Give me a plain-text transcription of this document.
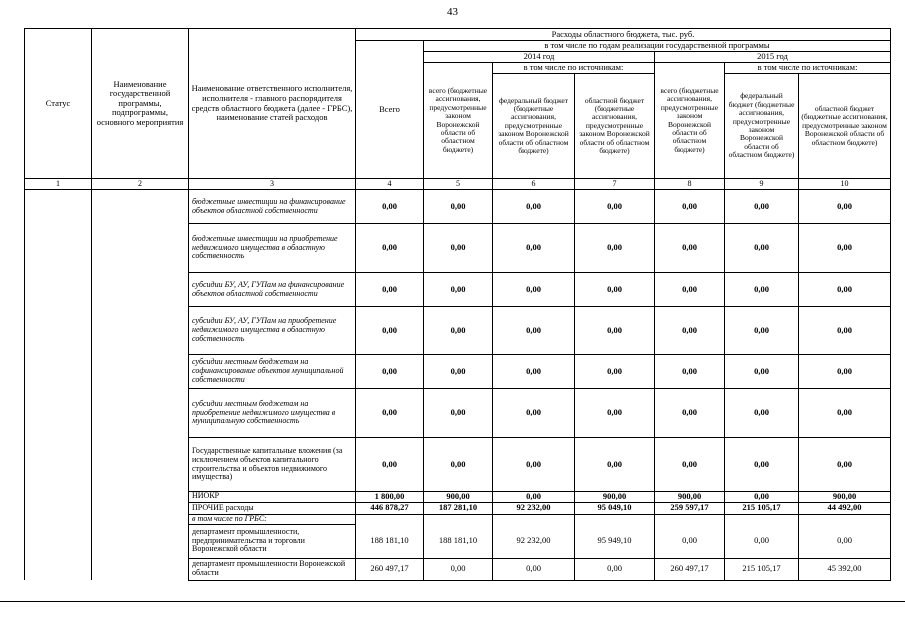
43
Статус	Наименование государственной программы, подпрограммы, основного мероприятия	Наименование ответственного исполнителя, исполнителя - главного распорядителя средств областного бюджета (далее - ГРБС), наименование статей расходов	Расходы областного бюджета, тыс. руб.						
			Всего	в том числе по годам реализации государственной программы					
				2014 год			2015 год		
				всего (бюджетные ассигнования, предусмотренные законом Воронежской области об областном бюджете)	в том числе по источникам:		всего (бюджетные ассигнования, предусмотренные законом Воронежской области об областном бюджете)	в том числе по источникам:	
					федеральный бюджет (бюджетные ассигнования, предусмотренные законом Воронежской области об областном бюджете)	областной бюджет (бюджетные ассигнования, предусмотренные законом Воронежской области об областном бюджете)		федеральный бюджет (бюджетные ассигнования, предусмотренные законом Воронежской области об областном бюджете)	областной бюджет (бюджетные ассигнования, предусмотренные законом Воронежской области об областном бюджете)
1	2	3	4	5	6	7	8	9	10
		бюджетные инвестиции на финансирование объектов областной собственности	0,00	0,00	0,00	0,00	0,00	0,00	0,00
		бюджетные инвестиции на приобретение недвижимого имущества в областную собственность	0,00	0,00	0,00	0,00	0,00	0,00	0,00
		субсидии БУ, АУ, ГУПам на финансирование объектов областной собственности	0,00	0,00	0,00	0,00	0,00	0,00	0,00
		субсидии БУ, АУ, ГУПам на приобретение недвижимого имущества в областную собственность	0,00	0,00	0,00	0,00	0,00	0,00	0,00
		субсидии местным бюджетам на софинансирование объектов муниципальной собственности	0,00	0,00	0,00	0,00	0,00	0,00	0,00
		субсидии местным бюджетам на приобретение недвижимого имущества в муниципальную собственность	0,00	0,00	0,00	0,00	0,00	0,00	0,00
		Государственные капитальные вложения (за исключением объектов капитального строительства и объектов недвижимого имущества)	0,00	0,00	0,00	0,00	0,00	0,00	0,00
		НИОКР	1 800,00	900,00	0,00	900,00	900,00	0,00	900,00
		ПРОЧИЕ расходы	446 878,27	187 281,10	92 232,00	95 049,10	259 597,17	215 105,17	44 492,00
		в том числе по ГРБС:							
		департамент промышленности, предпринимательства и торговли Воронежской области	188 181,10	188 181,10	92 232,00	95 949,10	0,00	0,00	0,00
		департамент промышленности Воронежской области	260 497,17	0,00	0,00	0,00	260 497,17	215 105,17	45 392,00
